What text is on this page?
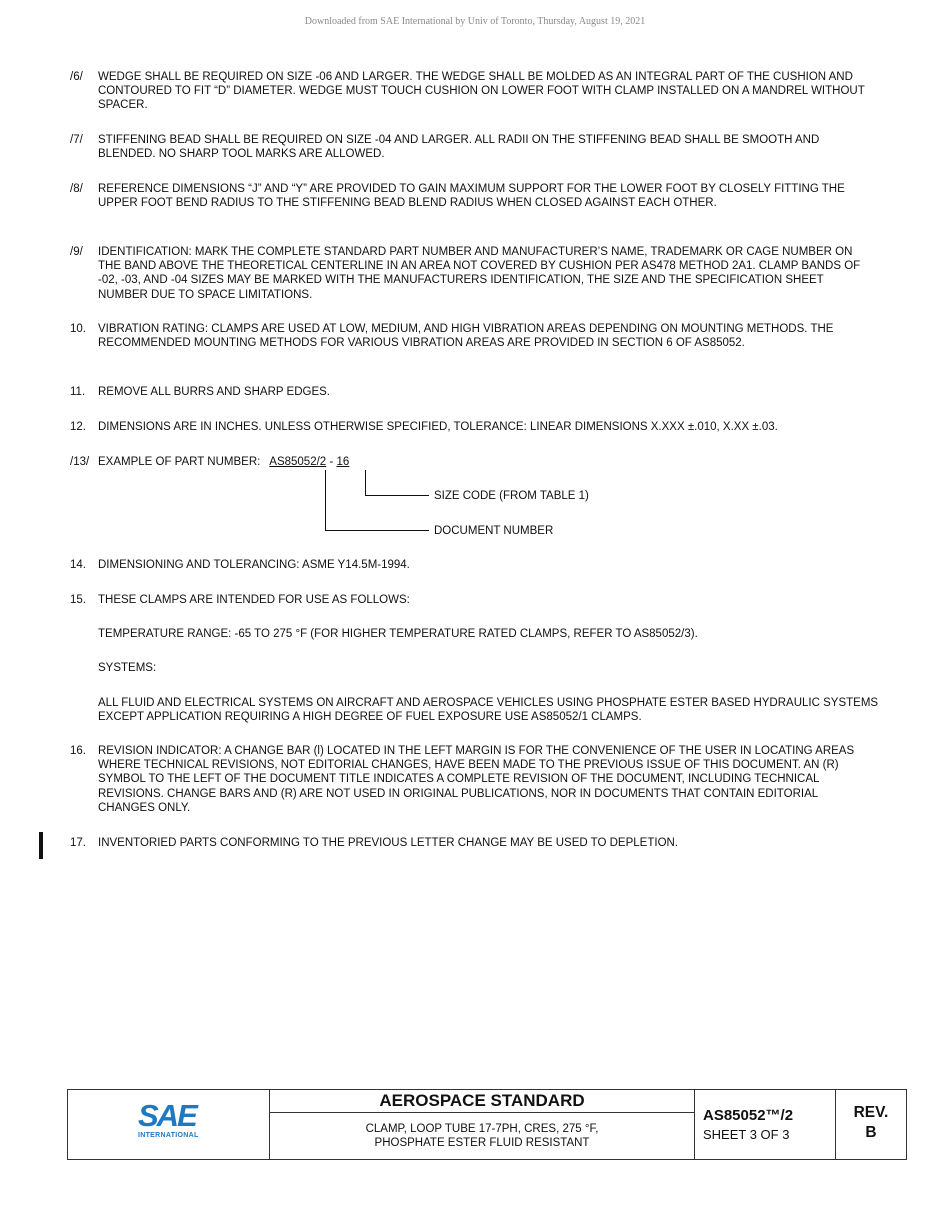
Downloaded from SAE International by Univ of Toronto, Thursday, August 19, 2021
/6/	WEDGE SHALL BE REQUIRED ON SIZE -06 AND LARGER. THE WEDGE SHALL BE MOLDED AS AN INTEGRAL PART OF THE CUSHION AND CONTOURED TO FIT “D” DIAMETER. WEDGE MUST TOUCH CUSHION ON LOWER FOOT WITH CLAMP INSTALLED ON A MANDREL WITHOUT SPACER.
/7/	STIFFENING BEAD SHALL BE REQUIRED ON SIZE -04 AND LARGER. ALL RADII ON THE STIFFENING BEAD SHALL BE SMOOTH AND BLENDED. NO SHARP TOOL MARKS ARE ALLOWED.
/8/	REFERENCE DIMENSIONS “J” AND “Y” ARE PROVIDED TO GAIN MAXIMUM SUPPORT FOR THE LOWER FOOT BY CLOSELY FITTING THE UPPER FOOT BEND RADIUS TO THE STIFFENING BEAD BLEND RADIUS WHEN CLOSED AGAINST EACH OTHER.
/9/	IDENTIFICATION: MARK THE COMPLETE STANDARD PART NUMBER AND MANUFACTURER’S NAME, TRADEMARK OR CAGE NUMBER ON THE BAND ABOVE THE THEORETICAL CENTERLINE IN AN AREA NOT COVERED BY CUSHION PER AS478 METHOD 2A1. CLAMP BANDS OF -02, -03, AND -04 SIZES MAY BE MARKED WITH THE MANUFACTURERS IDENTIFICATION, THE SIZE AND THE SPECIFICATION SHEET NUMBER DUE TO SPACE LIMITATIONS.
10.	VIBRATION RATING: CLAMPS ARE USED AT LOW, MEDIUM, AND HIGH VIBRATION AREAS DEPENDING ON MOUNTING METHODS. THE RECOMMENDED MOUNTING METHODS FOR VARIOUS VIBRATION AREAS ARE PROVIDED IN SECTION 6 OF AS85052.
11.	REMOVE ALL BURRS AND SHARP EDGES.
12.	DIMENSIONS ARE IN INCHES. UNLESS OTHERWISE SPECIFIED, TOLERANCE: LINEAR DIMENSIONS X.XXX ±.010, X.XX ±.03.
/13/ EXAMPLE OF PART NUMBER: AS85052/2 - 16
SIZE CODE (FROM TABLE 1)
DOCUMENT NUMBER
14.	DIMENSIONING AND TOLERANCING: ASME Y14.5M-1994.
15.	THESE CLAMPS ARE INTENDED FOR USE AS FOLLOWS:
TEMPERATURE RANGE: -65 TO 275 °F (FOR HIGHER TEMPERATURE RATED CLAMPS, REFER TO AS85052/3).
SYSTEMS:
ALL FLUID AND ELECTRICAL SYSTEMS ON AIRCRAFT AND AEROSPACE VEHICLES USING PHOSPHATE ESTER BASED HYDRAULIC SYSTEMS EXCEPT APPLICATION REQUIRING A HIGH DEGREE OF FUEL EXPOSURE USE AS85052/1 CLAMPS.
16.	REVISION INDICATOR: A CHANGE BAR (l) LOCATED IN THE LEFT MARGIN IS FOR THE CONVENIENCE OF THE USER IN LOCATING AREAS WHERE TECHNICAL REVISIONS, NOT EDITORIAL CHANGES, HAVE BEEN MADE TO THE PREVIOUS ISSUE OF THIS DOCUMENT. AN (R) SYMBOL TO THE LEFT OF THE DOCUMENT TITLE INDICATES A COMPLETE REVISION OF THE DOCUMENT, INCLUDING TECHNICAL REVISIONS. CHANGE BARS AND (R) ARE NOT USED IN ORIGINAL PUBLICATIONS, NOR IN DOCUMENTS THAT CONTAIN EDITORIAL CHANGES ONLY.
17.	INVENTORIED PARTS CONFORMING TO THE PREVIOUS LETTER CHANGE MAY BE USED TO DEPLETION.
SAE
INTERNATIONAL
AEROSPACE STANDARD
CLAMP, LOOP TUBE 17-7PH, CRES, 275 °F,
PHOSPHATE ESTER FLUID RESISTANT
AS85052™/2
SHEET 3 OF 3
REV.
B
